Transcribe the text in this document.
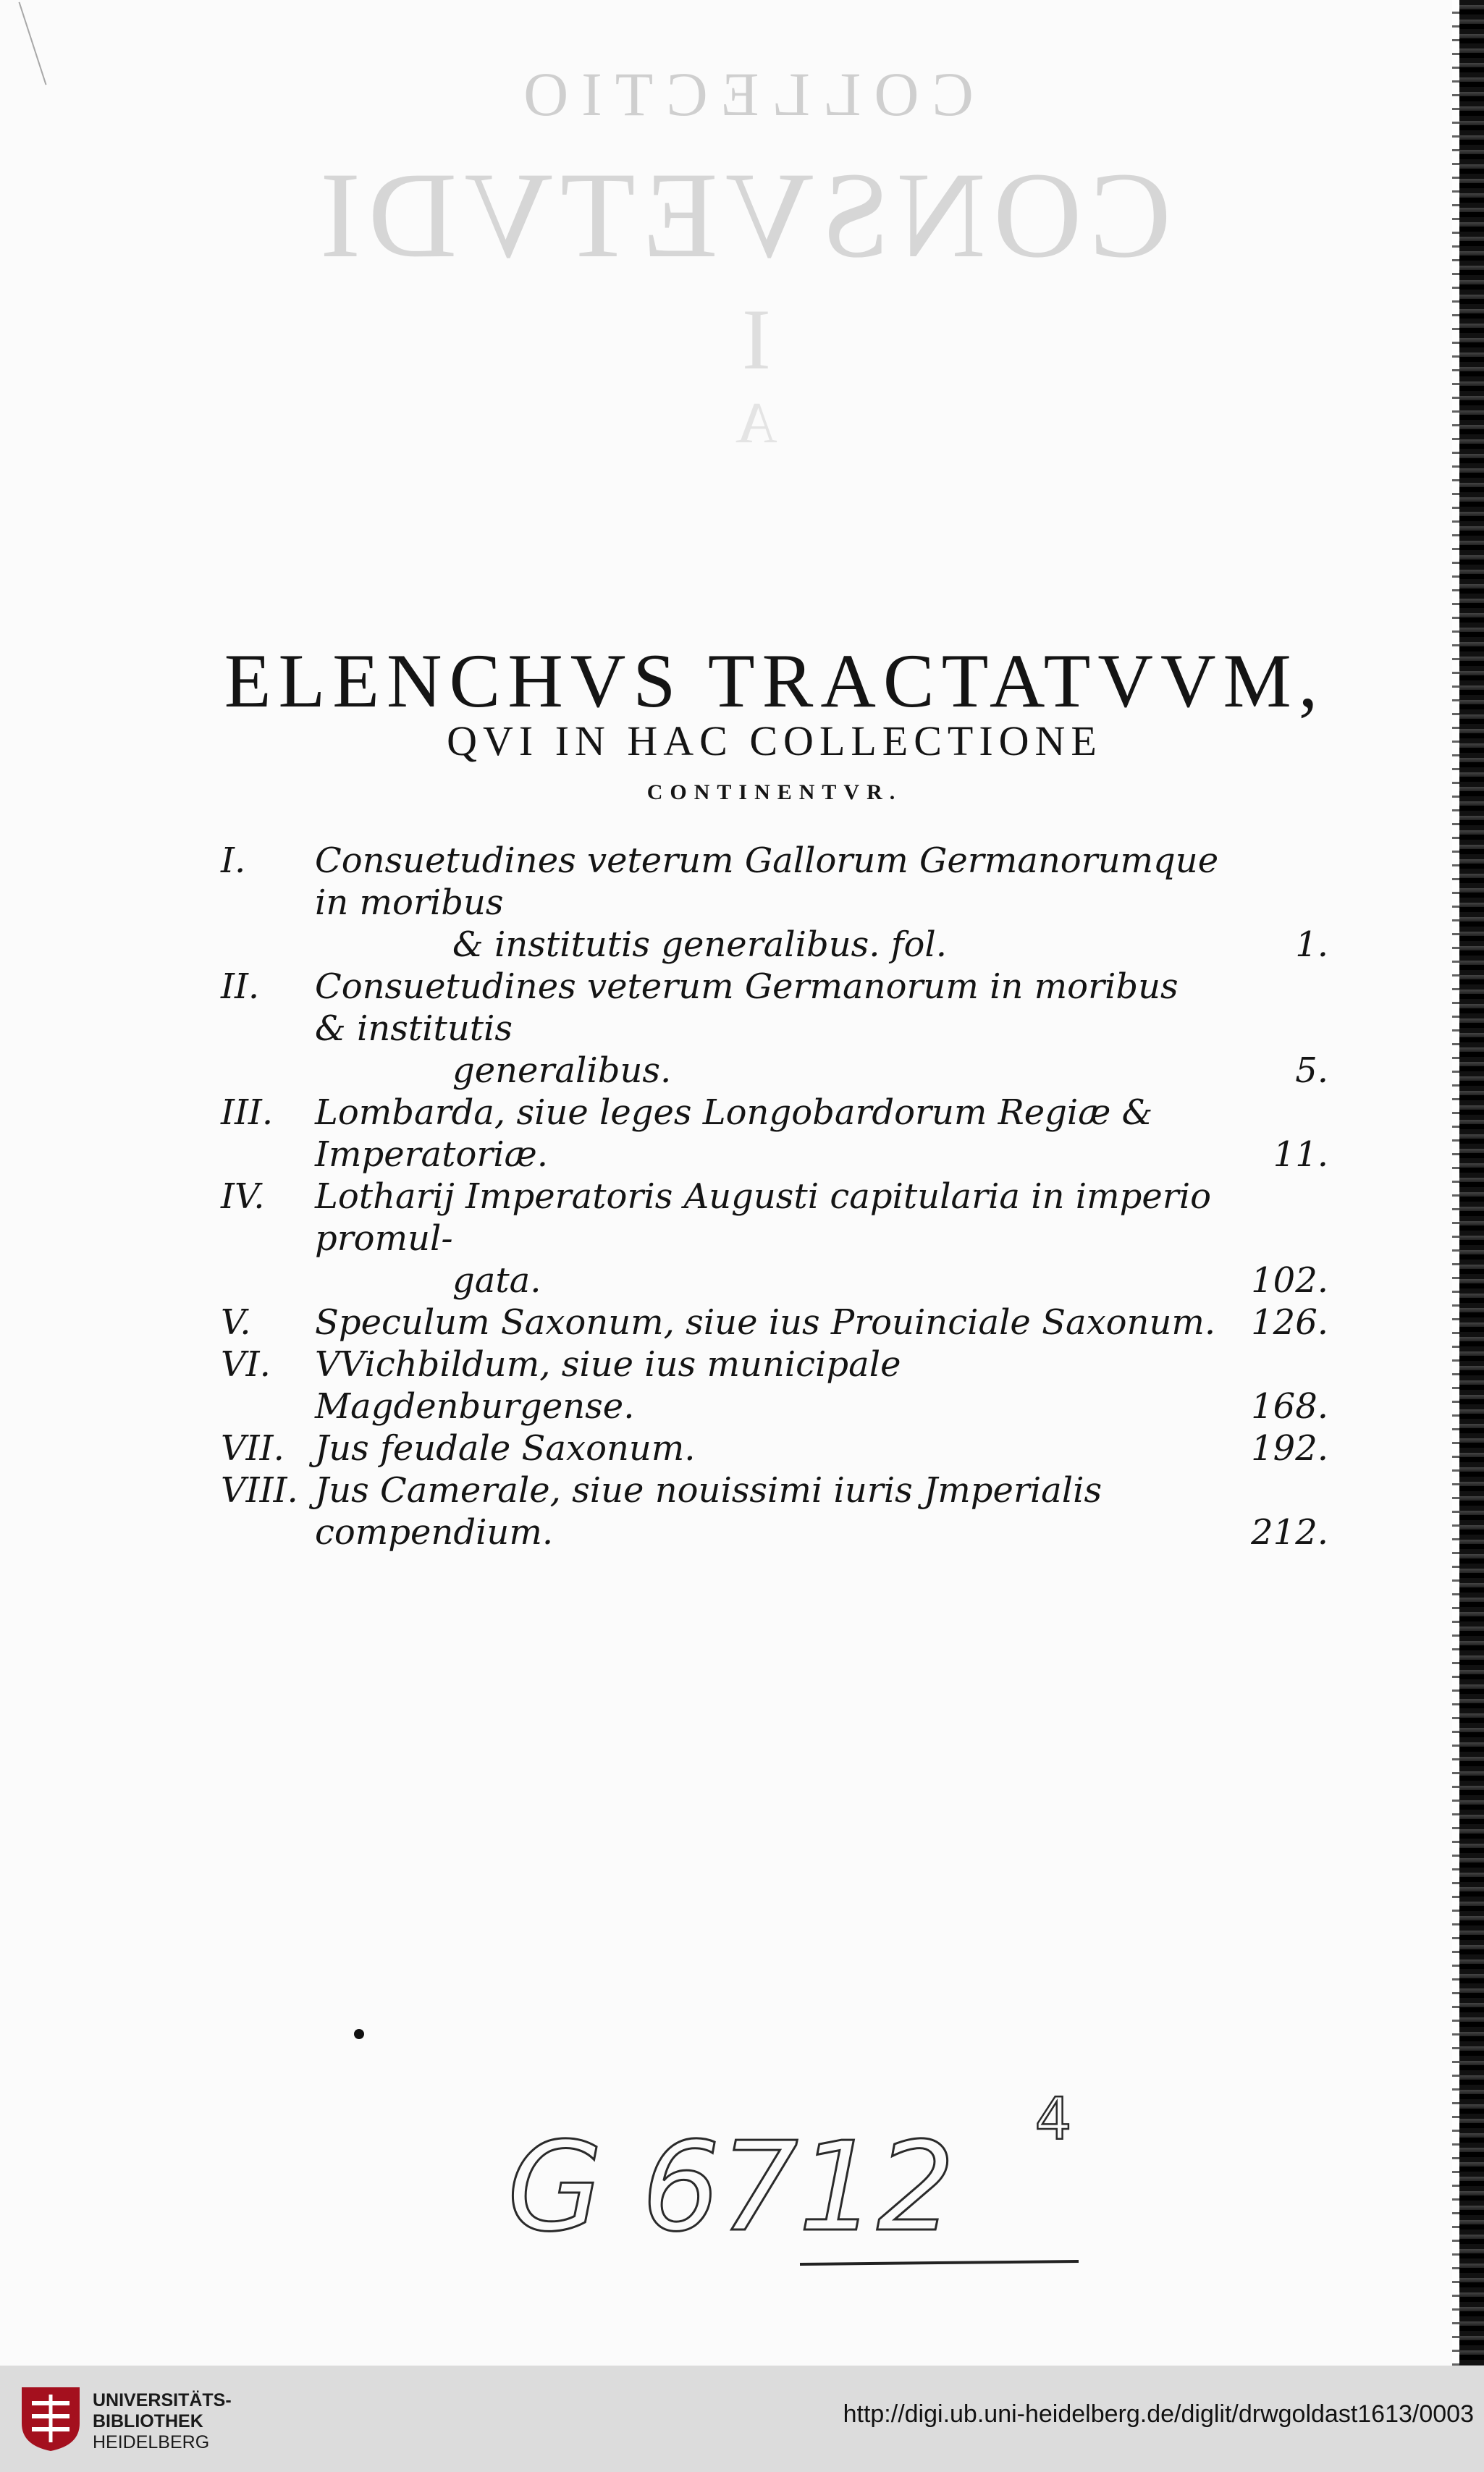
COLLECTIO
CONSVETVDI
I
A
ELENCHVS TRACTATVVM,
QVI IN HAC COLLECTIONE
CONTINENTVR.
I.	Consuetudines veterum Gallorum Germanorumque in moribus
& institutis generalibus. fol.	1.
II.	Consuetudines veterum Germanorum in moribus & institutis
generalibus.	5.
III.	Lombarda, siue leges Longobardorum Regiæ & Imperatoriæ.	11.
IV.	Lotharij Imperatoris Augusti capitularia in imperio promul-
gata.	102.
V.	Speculum Saxonum, siue ius Prouinciale Saxonum.	126.
VI.	VVichbildum, siue ius municipale Magdenburgense.	168.
VII. Jus feudale Saxonum.	192.
VIII. Jus Camerale, siue nouissimi iuris Jmperialis compendium.	212.
G 6712 4
UNIVERSITÄTS-
BIBLIOTHEK
HEIDELBERG
http://digi.ub.uni-heidelberg.de/diglit/drwgoldast1613/0003
